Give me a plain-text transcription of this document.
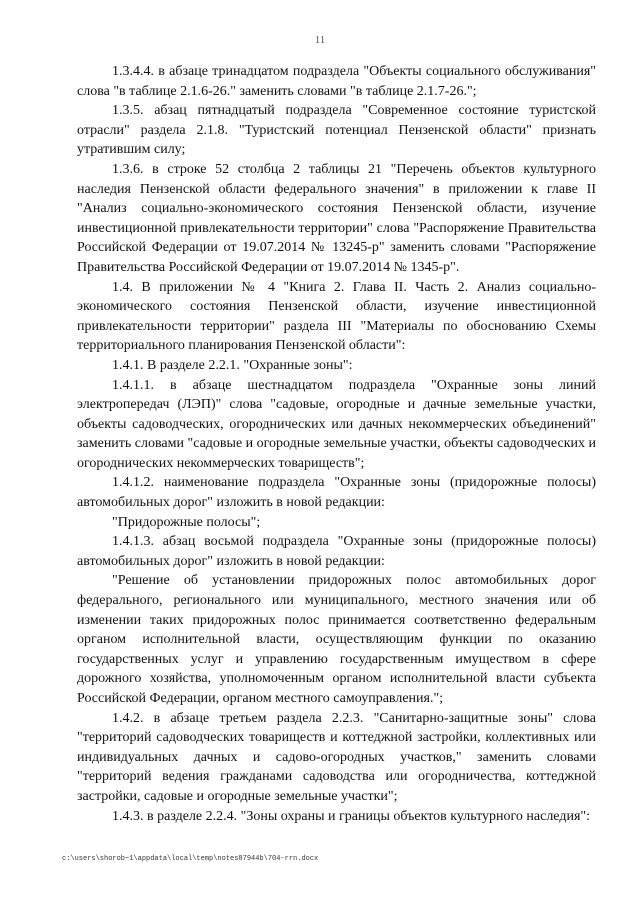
11

1.3.4.4. в абзаце тринадцатом подраздела "Объекты социального обслуживания" слова "в таблице 2.1.6-26." заменить словами "в таблице 2.1.7-26.";

1.3.5. абзац пятнадцатый подраздела "Современное состояние туристской отрасли" раздела 2.1.8. "Туристский потенциал Пензенской области" признать утратившим силу;

1.3.6. в строке 52 столбца 2 таблицы 21 "Перечень объектов культурного наследия Пензенской области федерального значения" в приложении к главе II "Анализ социально-экономического состояния Пензенской области, изучение инвестиционной привлекательности территории" слова "Распоряжение Правительства Российской Федерации от 19.07.2014 № 13245-р" заменить словами "Распоряжение Правительства Российской Федерации от 19.07.2014 № 1345-р".

1.4. В приложении № 4 "Книга 2. Глава II. Часть 2. Анализ социально-экономического состояния Пензенской области, изучение инвестиционной привлекательности территории" раздела III "Материалы по обоснованию Схемы территориального планирования Пензенской области":

1.4.1. В разделе 2.2.1. "Охранные зоны":

1.4.1.1. в абзаце шестнадцатом подраздела "Охранные зоны линий электропередач (ЛЭП)" слова "садовые, огородные и дачные земельные участки, объекты садоводческих, огороднических или дачных некоммерческих объединений" заменить словами "садовые и огородные земельные участки, объекты садоводческих и огороднических некоммерческих товариществ";

1.4.1.2. наименование подраздела "Охранные зоны (придорожные полосы) автомобильных дорог" изложить в новой редакции:

"Придорожные полосы";

1.4.1.3. абзац восьмой подраздела "Охранные зоны (придорожные полосы) автомобильных дорог" изложить в новой редакции:

"Решение об установлении придорожных полос автомобильных дорог федерального, регионального или муниципального, местного значения или об изменении таких придорожных полос принимается соответственно федеральным органом исполнительной власти, осуществляющим функции по оказанию государственных услуг и управлению государственным имуществом в сфере дорожного хозяйства, уполномоченным органом исполнительной власти субъекта Российской Федерации, органом местного самоуправления.";

1.4.2. в абзаце третьем раздела 2.2.3. "Санитарно-защитные зоны" слова "территорий садоводческих товариществ и коттеджной застройки, коллективных или индивидуальных дачных и садово-огородных участков," заменить словами "территорий ведения гражданами садоводства или огородничества, коттеджной застройки, садовые и огородные земельные участки";

1.4.3. в разделе 2.2.4. "Зоны охраны и границы объектов культурного наследия":

c:\users\shorob~1\appdata\local\temp\notes87944b\704-rrn.docx
